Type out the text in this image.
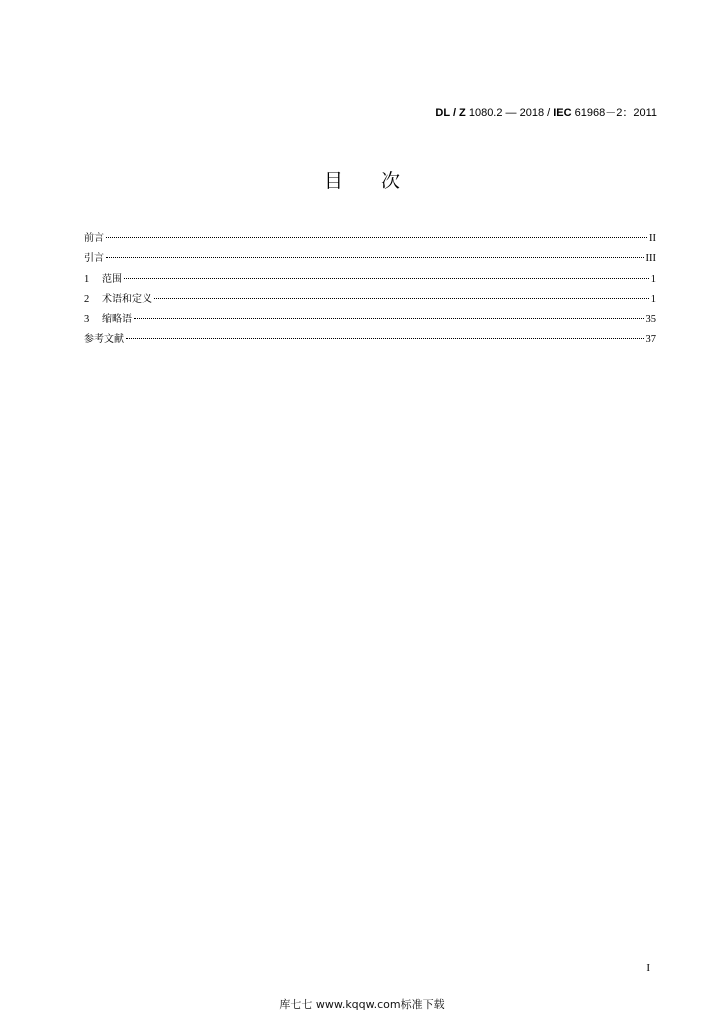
DL / Z 1080.2 — 2018 / IEC 61968－2：2011
目 次
前言	II
引言	III
1	范围	1
2	术语和定义	1
3	缩略语	35
参考文献	37
I
库七七 www.kqqw.com标准下载
